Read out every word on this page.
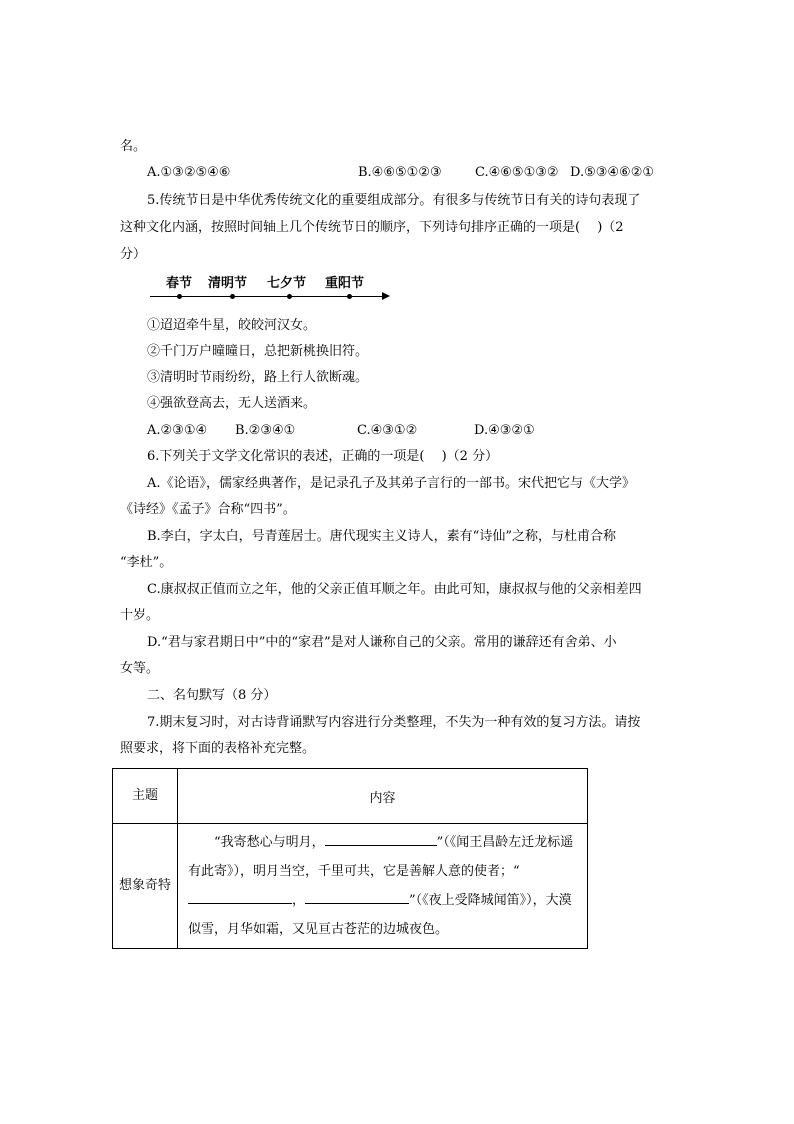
名。
A.①③②⑤④⑥	B.④⑥⑤①②③	C.④⑥⑤①③② D.⑤③④⑥②①
5.传统节日是中华优秀传统文化的重要组成部分。有很多与传统节日有关的诗句表现了
这种文化内涵，按照时间轴上几个传统节日的顺序，下列诗句排序正确的一项是(　 )（2
分）
春节 清明节 七夕节 重阳节
①迢迢牵牛星，皎皎河汉女。
②千门万户曈曈日，总把新桃换旧符。
③清明时节雨纷纷，路上行人欲断魂。
④强欲登高去，无人送酒来。
A.②③①④ B.②③④①	C.④③①②	D.④③②①
6.下列关于文学文化常识的表述，正确的一项是(　 )（2 分）
A.《论语》，儒家经典著作，是记录孔子及其弟子言行的一部书。宋代把它与《大学》
《诗经》《孟子》合称“四书”。
B.李白，字太白，号青莲居士。唐代现实主义诗人，素有“诗仙”之称，与杜甫合称
“李杜”。
C.康叔叔正值而立之年，他的父亲正值耳顺之年。由此可知，康叔叔与他的父亲相差四
十岁。
D.“君与家君期日中”中的“家君”是对人谦称自己的父亲。常用的谦辞还有舍弟、小
女等。
二、名句默写（8 分）
7.期末复习时，对古诗背诵默写内容进行分类整理，不失为一种有效的复习方法。请按
照要求，将下面的表格补充完整。
主题	内容

想象奇特	“我寄愁心与明月， ”（《闻王昌龄左迁龙标遥有此寄》），明月当空，千里可共，它是善解人意的使者；“， ”（《夜上受降城闻笛》），大漠似雪，月华如霜，又见亘古苍茫的边城夜色。
